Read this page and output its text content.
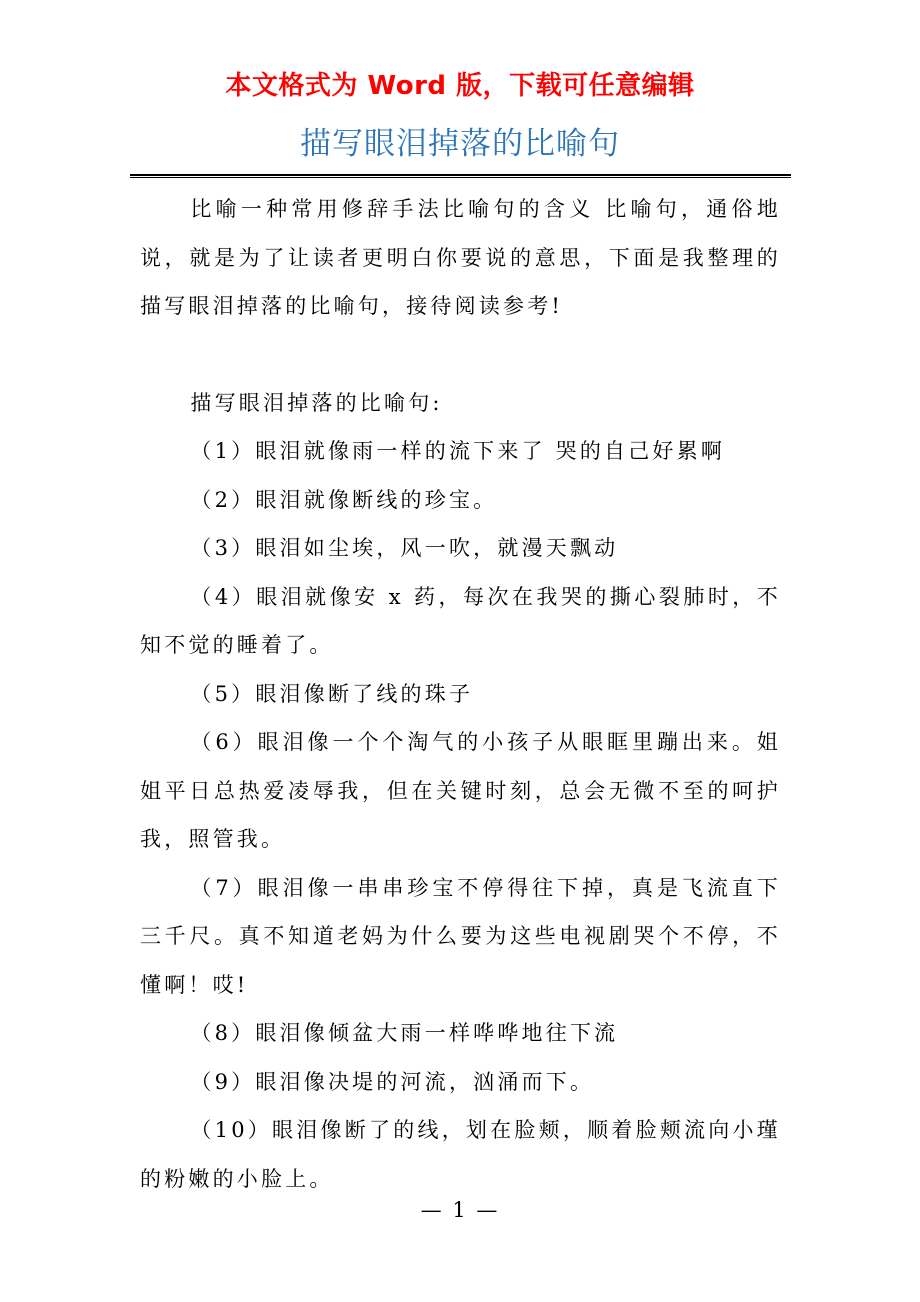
本文格式为 Word 版，下载可任意编辑
描写眼泪掉落的比喻句

比喻一种常用修辞手法比喻句的含义 比喻句，通俗地说，就是为了让读者更明白你要说的意思，下面是我整理的描写眼泪掉落的比喻句，接待阅读参考!

描写眼泪掉落的比喻句:

（1）眼泪就像雨一样的流下来了 哭的自己好累啊

（2）眼泪就像断线的珍宝。

（3）眼泪如尘埃，风一吹，就漫天飘动

（4）眼泪就像安 x 药，每次在我哭的撕心裂肺时，不知不觉的睡着了。

（5）眼泪像断了线的珠子

（6）眼泪像一个个淘气的小孩子从眼眶里蹦出来。姐姐平日总热爱凌辱我，但在关键时刻，总会无微不至的呵护我，照管我。

（7）眼泪像一串串珍宝不停得往下掉，真是飞流直下三千尺。真不知道老妈为什么要为这些电视剧哭个不停，不懂啊！哎!

（8）眼泪像倾盆大雨一样哗哗地往下流

（9）眼泪像决堤的河流，汹涌而下。

（10）眼泪像断了的线，划在脸颊，顺着脸颊流向小瑾的粉嫩的小脸上。

— 1 —
